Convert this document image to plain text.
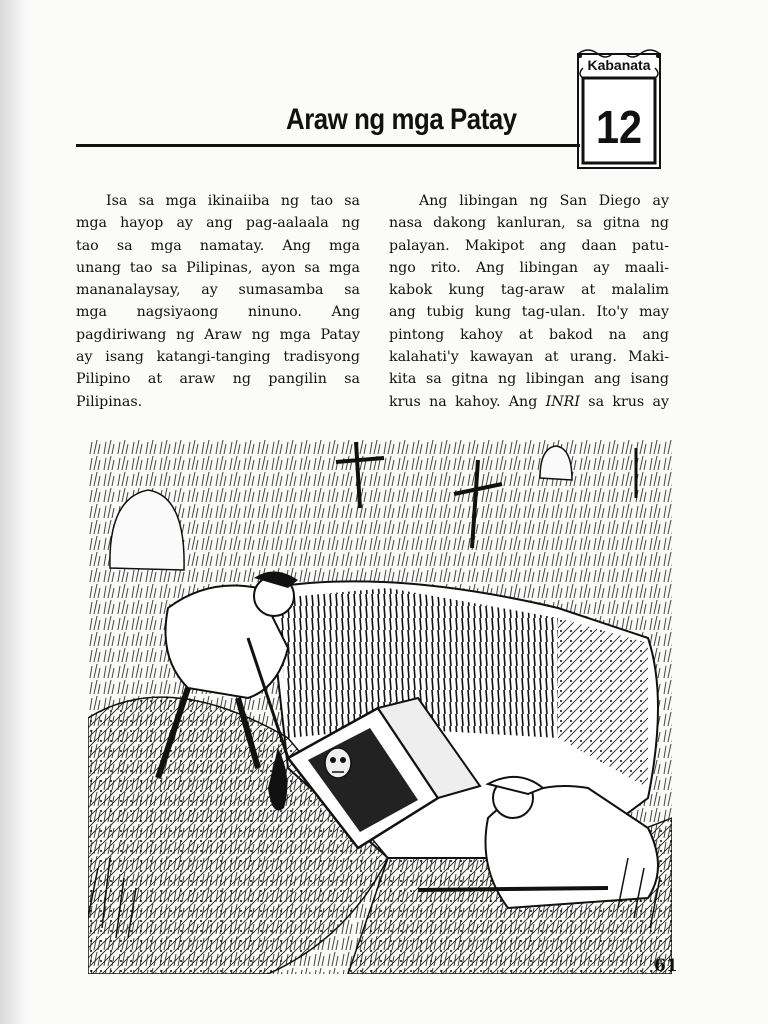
Kabanata
12
Araw ng mga Patay
Isa sa mga ikinaiiba ng tao sa
mga hayop ay ang pag-aalaala ng
tao sa mga namatay. Ang mga
unang tao sa Pilipinas, ayon sa mga
mananalaysay, ay sumasamba sa
mga nagsiyaong ninuno. Ang
pagdiriwang ng Araw ng mga Patay
ay isang katangi-tanging tradisyong
Pilipino at araw ng pangilin sa
Pilipinas.
Ang libingan ng San Diego ay
nasa dakong kanluran, sa gitna ng
palayan. Makipot ang daan patu-
ngo rito. Ang libingan ay maali-
kabok kung tag-araw at malalim
ang tubig kung tag-ulan. Ito'y may
pintong kahoy at bakod na ang
kalahati'y kawayan at urang. Maki-
kita sa gitna ng libingan ang isang
krus na kahoy. Ang INRI sa krus ay
61
